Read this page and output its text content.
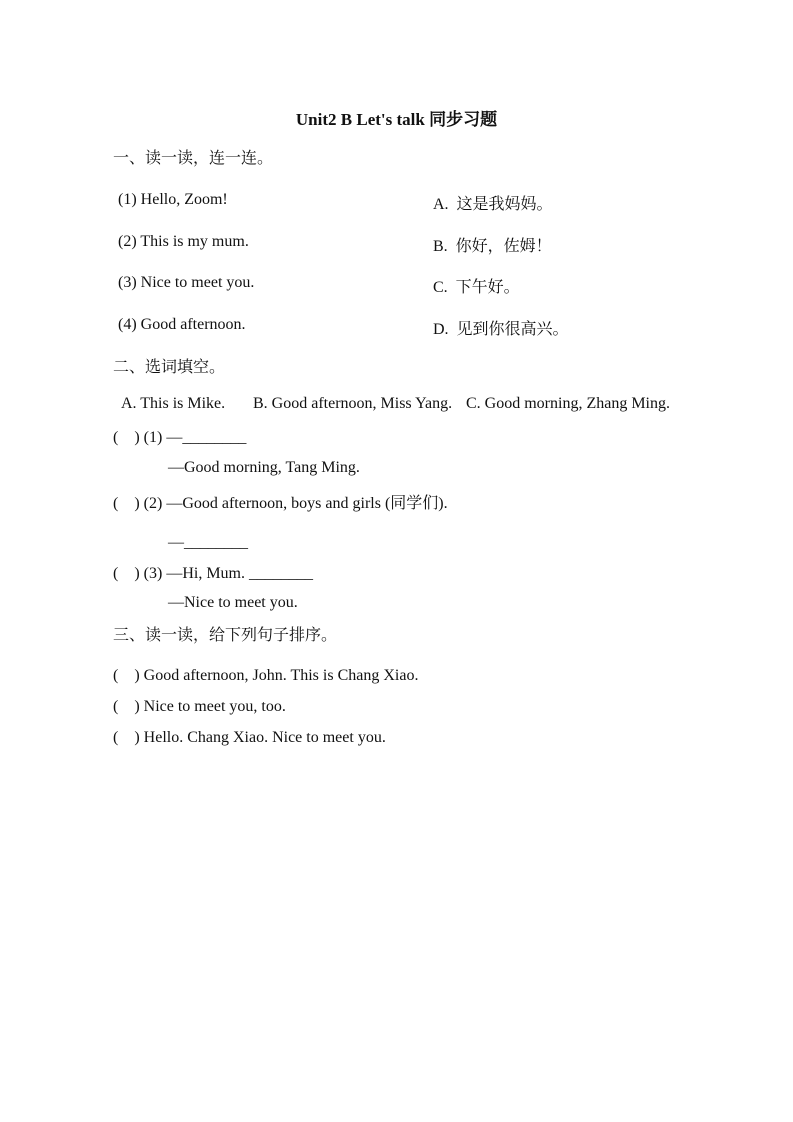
Unit2 B Let's talk 同步习题
一、读一读，连一连。
(1) Hello, Zoom!	A.  这是我妈妈。
(2) This is my mum.	B.  你好，佐姆！
(3) Nice to meet you.	C.  下午好。
(4) Good afternoon.	D.  见到你很高兴。
二、选词填空。
A. This is Mike. B. Good afternoon, Miss Yang. C. Good morning, Zhang Ming.
(    ) (1) —________
—Good morning, Tang Ming.
(    ) (2) —Good afternoon, boys and girls (同学们).
—________
(    ) (3) —Hi, Mum. ________
—Nice to meet you.
三、读一读，给下列句子排序。
(    ) Good afternoon, John. This is Chang Xiao.
(    ) Nice to meet you, too.
(    ) Hello. Chang Xiao. Nice to meet you.
